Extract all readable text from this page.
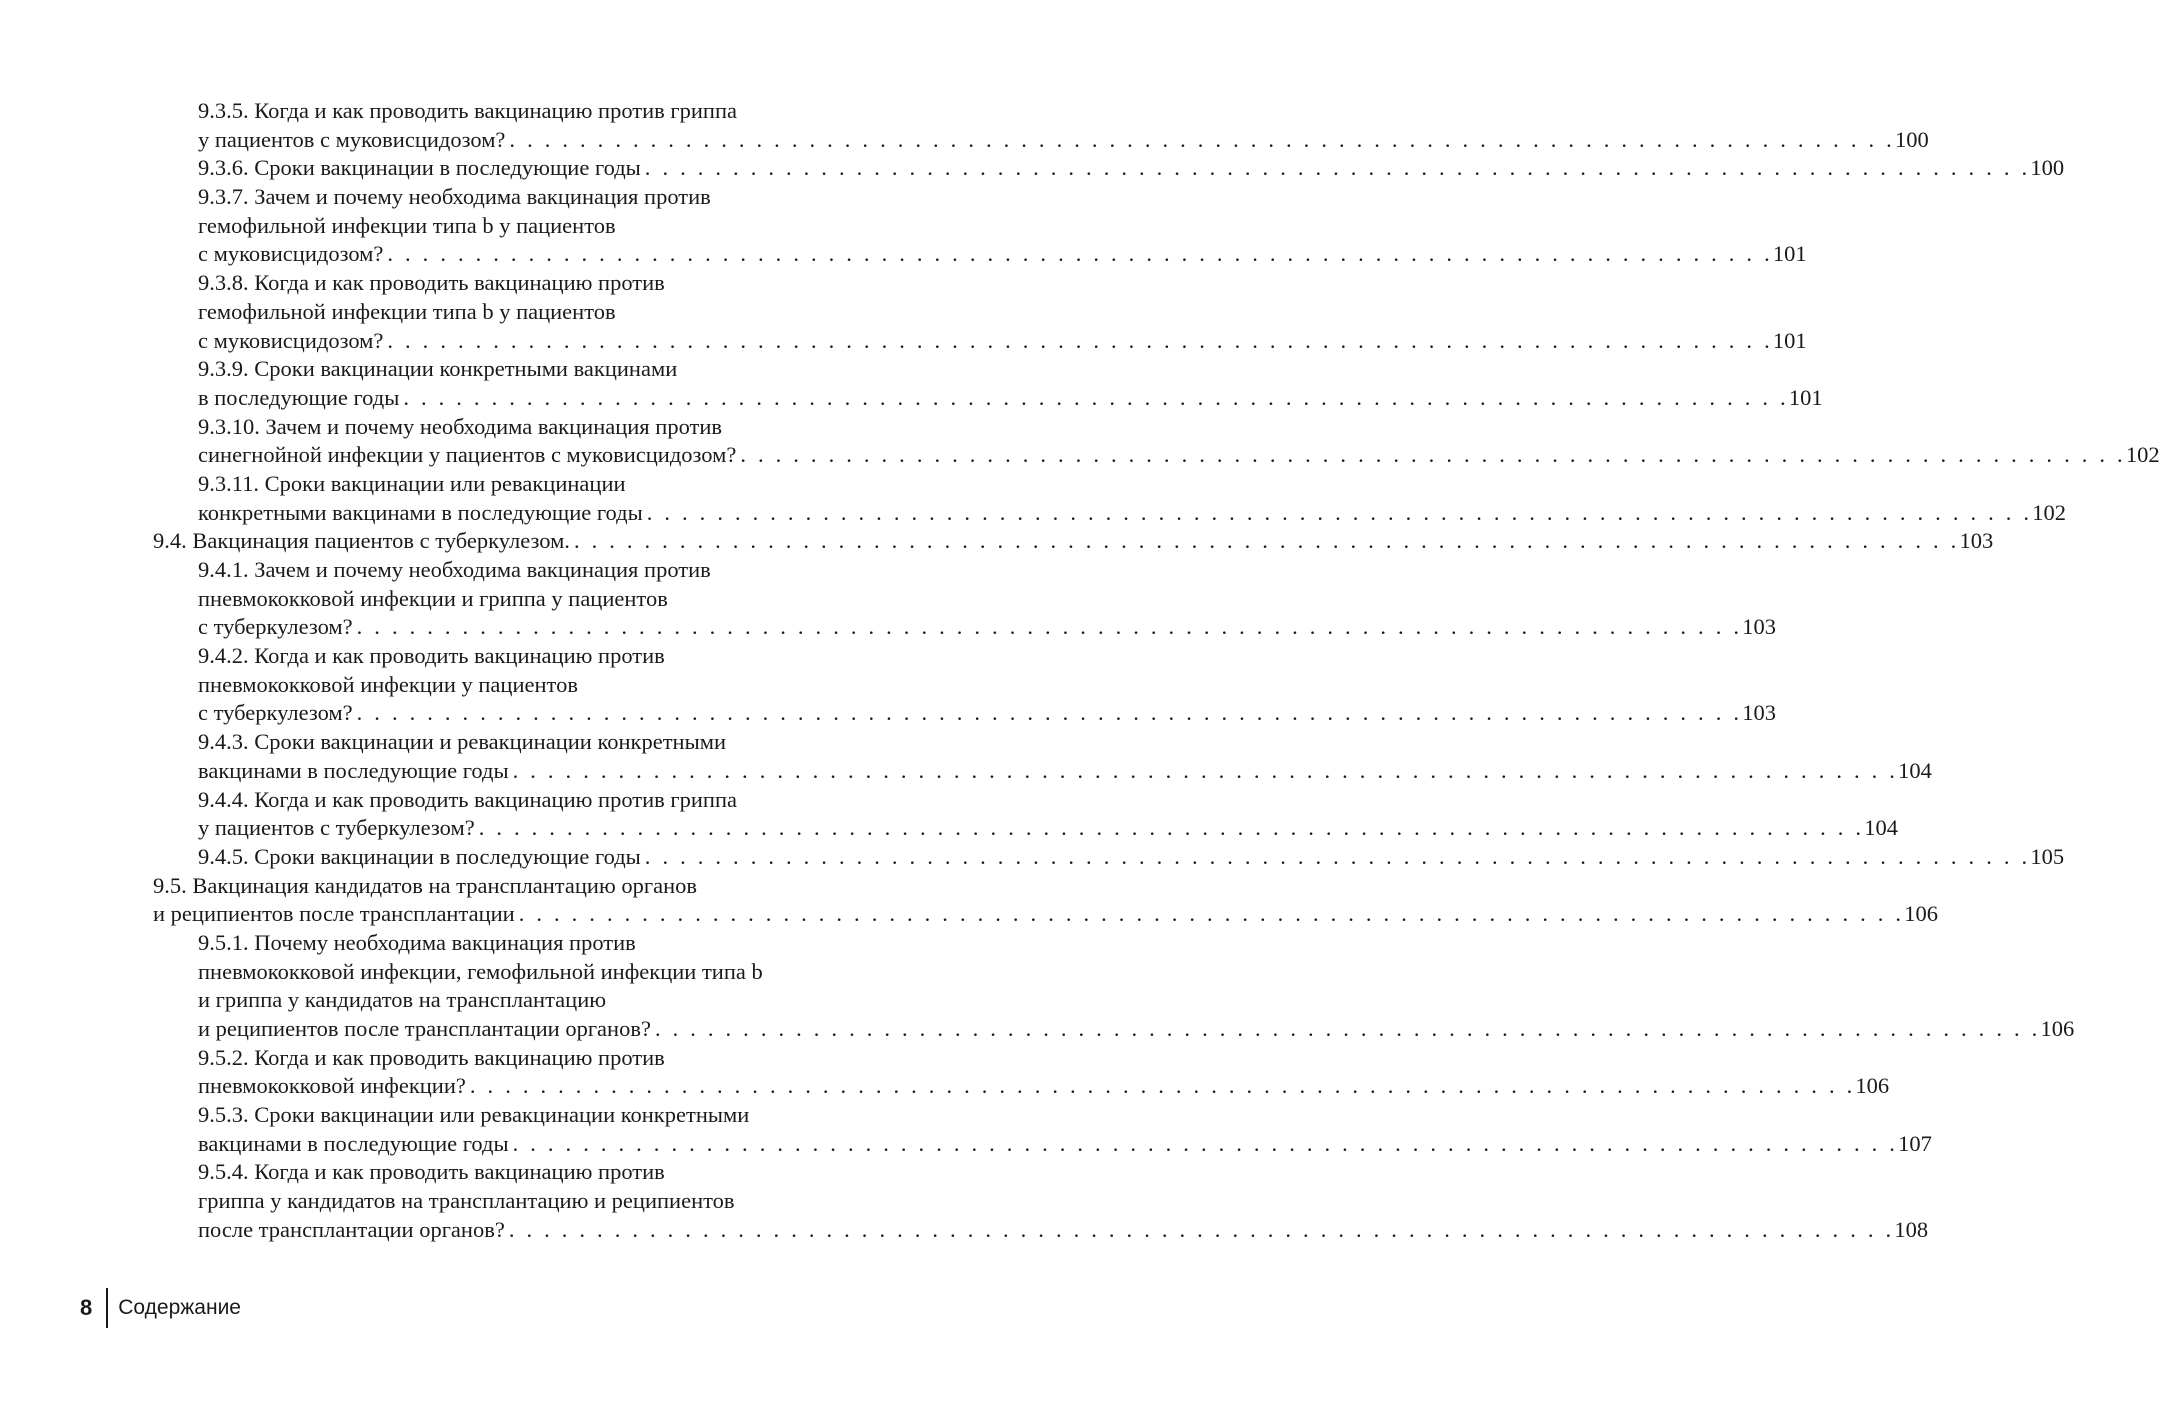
9.3.5. Когда и как проводить вакцинацию против гриппа
у пациентов с муковисцидозом? . . . . . . . . . . . . . . . . . . . . . . . . . . . . . . . . . . . . . . . . . . . . . . . . . . . . . . . . . . . . . . . . . . . . . . . . . . . . . . . 100
9.3.6. Сроки вакцинации в последующие годы . . . . . . . . . . . . . . . . . . . . . . . . . . . . . . . . . . . . . . . . . . . . . . . . . . . . . . . . . . . . . . . . . . . . . . . . . . . . . . . 100
9.3.7. Зачем и почему необходима вакцинация против
гемофильной инфекции типа b у пациентов
с муковисцидозом? . . . . . . . . . . . . . . . . . . . . . . . . . . . . . . . . . . . . . . . . . . . . . . . . . . . . . . . . . . . . . . . . . . . . . . . . . . . . . . . 101
9.3.8. Когда и как проводить вакцинацию против
гемофильной инфекции типа b у пациентов
с муковисцидозом? . . . . . . . . . . . . . . . . . . . . . . . . . . . . . . . . . . . . . . . . . . . . . . . . . . . . . . . . . . . . . . . . . . . . . . . . . . . . . . . 101
9.3.9. Сроки вакцинации конкретными вакцинами
в последующие годы . . . . . . . . . . . . . . . . . . . . . . . . . . . . . . . . . . . . . . . . . . . . . . . . . . . . . . . . . . . . . . . . . . . . . . . . . . . . . . . 101
9.3.10. Зачем и почему необходима вакцинация против
синегнойной инфекции у пациентов с муковисцидозом? . . . . . . . . . . . . . . . . . . . . . . . . . . . . . . . . . . . . . . . . . . . . . . . . . . . . . . . . . . . . . . . . . . . . . . . . . . . . . . . 102
9.3.11. Сроки вакцинации или ревакцинации
конкретными вакцинами в последующие годы . . . . . . . . . . . . . . . . . . . . . . . . . . . . . . . . . . . . . . . . . . . . . . . . . . . . . . . . . . . . . . . . . . . . . . . . . . . . . . . 102
9.4. Вакцинация пациентов с туберкулезом. . . . . . . . . . . . . . . . . . . . . . . . . . . . . . . . . . . . . . . . . . . . . . . . . . . . . . . . . . . . . . . . . . . . . . . . . . . . . . . . 103
9.4.1. Зачем и почему необходима вакцинация против
пневмококковой инфекции и гриппа у пациентов
с туберкулезом? . . . . . . . . . . . . . . . . . . . . . . . . . . . . . . . . . . . . . . . . . . . . . . . . . . . . . . . . . . . . . . . . . . . . . . . . . . . . . . . 103
9.4.2. Когда и как проводить вакцинацию против
пневмококковой инфекции у пациентов
с туберкулезом? . . . . . . . . . . . . . . . . . . . . . . . . . . . . . . . . . . . . . . . . . . . . . . . . . . . . . . . . . . . . . . . . . . . . . . . . . . . . . . . 103
9.4.3. Сроки вакцинации и ревакцинации конкретными
вакцинами в последующие годы . . . . . . . . . . . . . . . . . . . . . . . . . . . . . . . . . . . . . . . . . . . . . . . . . . . . . . . . . . . . . . . . . . . . . . . . . . . . . . . 104
9.4.4. Когда и как проводить вакцинацию против гриппа
у пациентов с туберкулезом? . . . . . . . . . . . . . . . . . . . . . . . . . . . . . . . . . . . . . . . . . . . . . . . . . . . . . . . . . . . . . . . . . . . . . . . . . . . . . . . 104
9.4.5. Сроки вакцинации в последующие годы . . . . . . . . . . . . . . . . . . . . . . . . . . . . . . . . . . . . . . . . . . . . . . . . . . . . . . . . . . . . . . . . . . . . . . . . . . . . . . . 105
9.5. Вакцинация кандидатов на трансплантацию органов
и реципиентов после трансплантации . . . . . . . . . . . . . . . . . . . . . . . . . . . . . . . . . . . . . . . . . . . . . . . . . . . . . . . . . . . . . . . . . . . . . . . . . . . . . . . 106
9.5.1. Почему необходима вакцинация против
пневмококковой инфекции, гемофильной инфекции типа b
и гриппа у кандидатов на трансплантацию
и реципиентов после трансплантации органов? . . . . . . . . . . . . . . . . . . . . . . . . . . . . . . . . . . . . . . . . . . . . . . . . . . . . . . . . . . . . . . . . . . . . . . . . . . . . . . . 106
9.5.2. Когда и как проводить вакцинацию против
пневмококковой инфекции? . . . . . . . . . . . . . . . . . . . . . . . . . . . . . . . . . . . . . . . . . . . . . . . . . . . . . . . . . . . . . . . . . . . . . . . . . . . . . . . 106
9.5.3. Сроки вакцинации или ревакцинации конкретными
вакцинами в последующие годы . . . . . . . . . . . . . . . . . . . . . . . . . . . . . . . . . . . . . . . . . . . . . . . . . . . . . . . . . . . . . . . . . . . . . . . . . . . . . . . 107
9.5.4. Когда и как проводить вакцинацию против
гриппа у кандидатов на трансплантацию и реципиентов
после трансплантации органов? . . . . . . . . . . . . . . . . . . . . . . . . . . . . . . . . . . . . . . . . . . . . . . . . . . . . . . . . . . . . . . . . . . . . . . . . . . . . . . . 108
8 Содержание
